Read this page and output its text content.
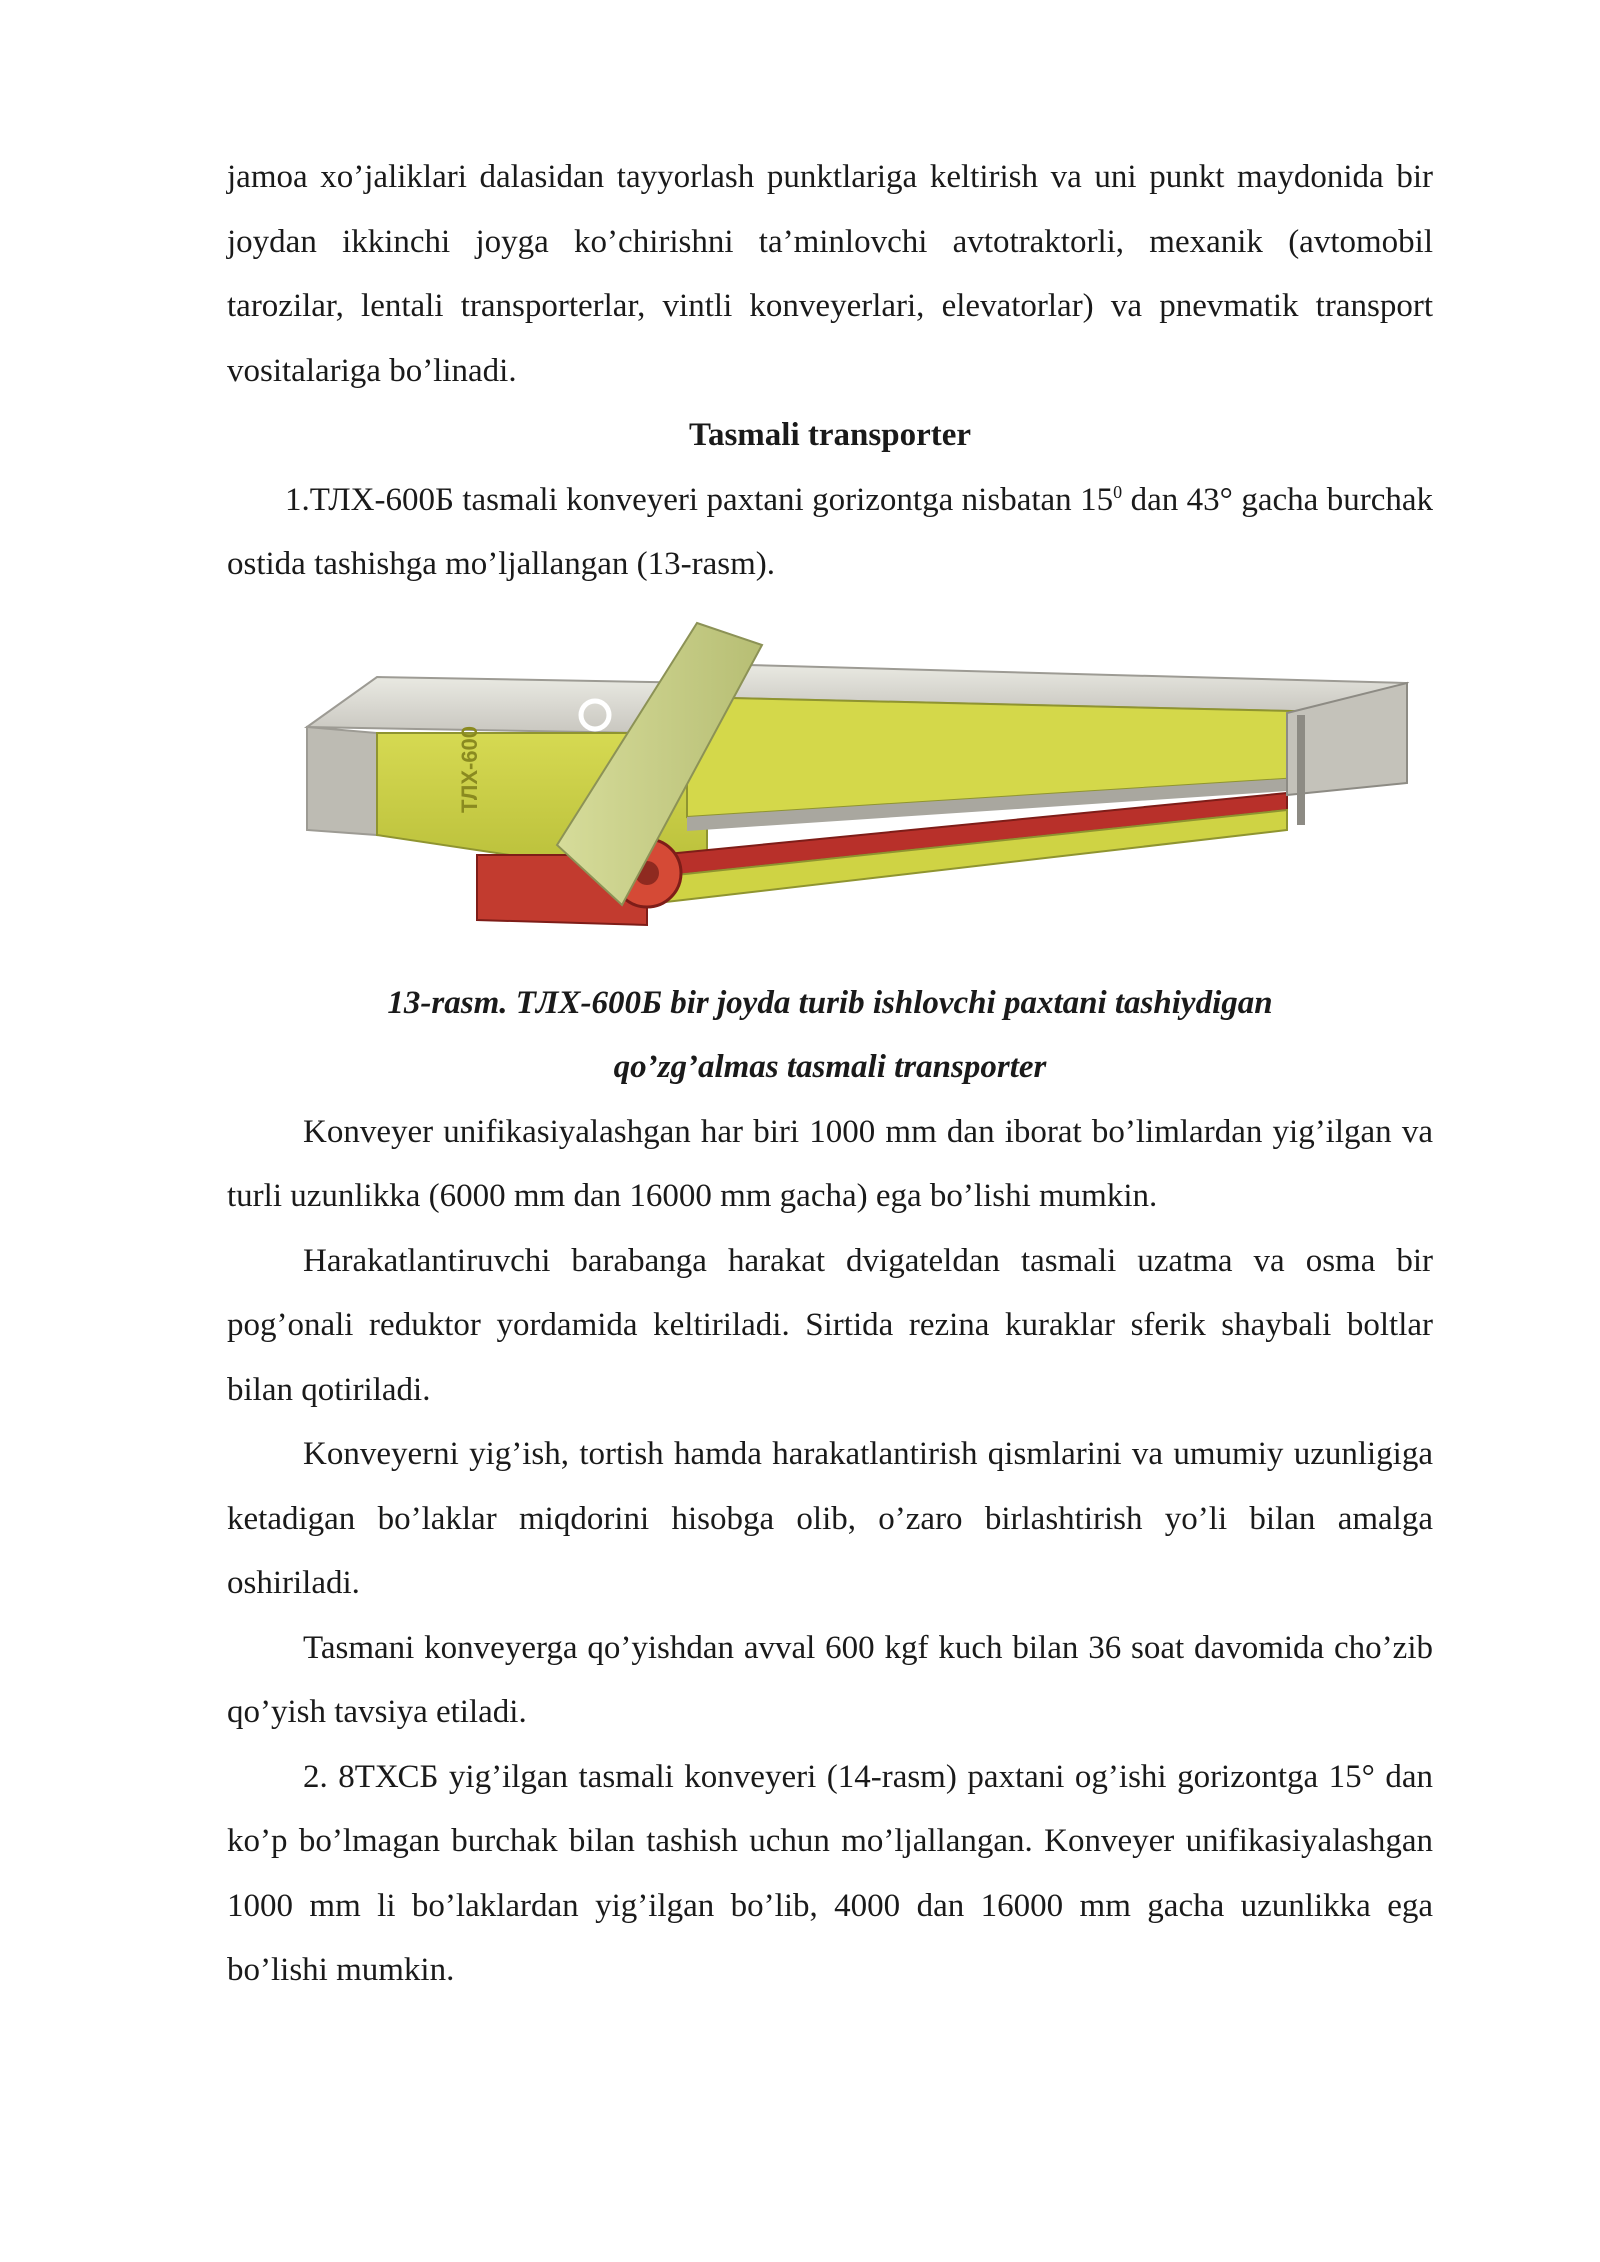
jamoa xo’jaliklari dalasidan tayyorlash punktlariga keltirish va uni punkt maydonida bir joydan ikkinchi joyga ko’chirishni ta’minlovchi avtotraktorli, mexanik (avtomobil tarozilar, lentali transporterlar, vintli konveyerlari, elevatorlar) va pnevmatik transport vositalariga bo’linadi.

Tasmali transporter

1.ТЛХ-600Б tasmali konveyeri paxtani gorizontga nisbatan $15^0$ dan 43° gacha burchak ostida tashishga mo’ljallangan (13-rasm).

ТЛХ-600
13-rasm. ТЛХ-600Б bir joyda turib ishlovchi paxtani tashiydigan
qo’zg’almas tasmali transporter

Konveyer unifikasiyalashgan har biri 1000 mm dan iborat bo’limlardan yig’ilgan va turli uzunlikka (6000 mm dan 16000 mm gacha) ega bo’lishi mumkin.

Harakatlantiruvchi barabanga harakat dvigateldan tasmali uzatma va osma bir pog’onali reduktor yordamida keltiriladi. Sirtida rezina kuraklar sferik shaybali boltlar bilan qotiriladi.

Konveyerni yig’ish, tortish hamda harakatlantirish qismlarini va umumiy uzunligiga ketadigan bo’laklar miqdorini hisobga olib, o’zaro birlashtirish yo’li bilan amalga oshiriladi.

Tasmani konveyerga qo’yishdan avval 600 kgf kuch bilan 36 soat davomida cho’zib qo’yish tavsiya etiladi.

2. 8ТХСБ yig’ilgan tasmali konveyeri (14-rasm) paxtani og’ishi gorizontga 15° dan ko’p bo’lmagan burchak bilan tashish uchun mo’ljallangan. Konveyer unifikasiyalashgan 1000 mm li bo’laklardan yig’ilgan bo’lib, 4000 dan 16000 mm gacha uzunlikka ega bo’lishi mumkin.
